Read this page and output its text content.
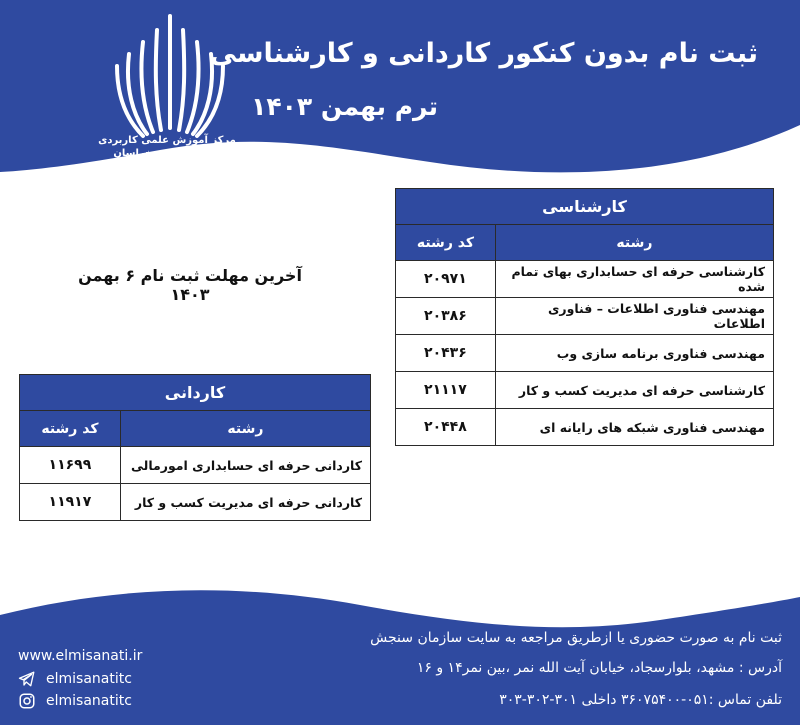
مرکز آموزش علمی کاربردی
علمی صنعتی خراسان
ثبت نام بدون کنکور کاردانی و کارشناسی
ترم بهمن ۱۴۰۳
کارشناسی	
رشته	کد رشته
کارشناسی حرفه ای حسابداری بهای تمام شده	۲۰۹۷۱
مهندسی فناوری اطلاعات – فناوری اطلاعات	۲۰۳۸۶
مهندسی فناوری برنامه سازی وب	۲۰۴۳۶
کارشناسی حرفه ای مدیریت کسب و کار	۲۱۱۱۷
مهندسی فناوری شبکه های رایانه ای	۲۰۴۴۸
آخرین مهلت ثبت نام ۶ بهمن ۱۴۰۳
کاردانی	
رشته	کد رشته
کاردانی حرفه ای حسابداری امورمالی	۱۱۶۹۹
کاردانی حرفه ای مدیریت کسب و کار	۱۱۹۱۷
ثبت نام به صورت حضوری یا ازطریق مراجعه به سایت سازمان سنجش
آدرس : مشهد، بلوارسجاد، خیابان آیت الله نمر ،بین نمر۱۴ و ۱۶
تلفن تماس :۰۵۱-۳۶۰۷۵۴۰۰ داخلی ۳۰۱-۳۰۲-۳۰۳
www.elmisanati.ir
elmisanatitc
elmisanatitc
